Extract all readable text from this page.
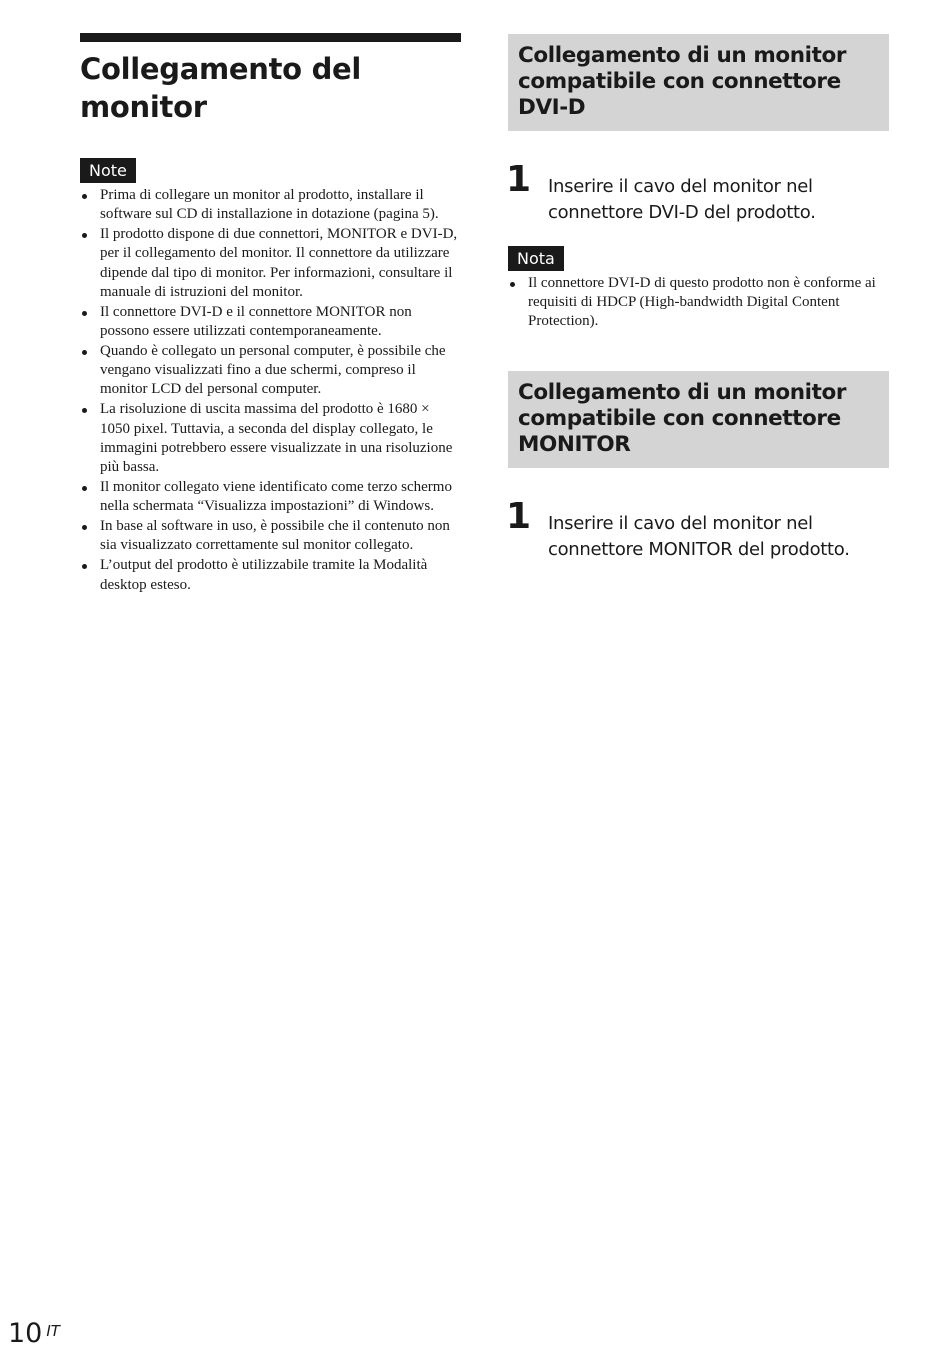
Collegamento del
monitor
Note
Prima di collegare un monitor al prodotto, installare il software sul CD di installazione in dotazione (pagina 5).
Il prodotto dispone di due connettori, MONITOR e DVI-D, per il collegamento del monitor. Il connettore da utilizzare dipende dal tipo di monitor. Per informazioni, consultare il manuale di istruzioni del monitor.
Il connettore DVI-D e il connettore MONITOR non possono essere utilizzati contemporaneamente.
Quando è collegato un personal computer, è possibile che vengano visualizzati fino a due schermi, compreso il monitor LCD del personal computer.
La risoluzione di uscita massima del prodotto è 1680 × 1050 pixel. Tuttavia, a seconda del display collegato, le immagini potrebbero essere visualizzate in una risoluzione più bassa.
Il monitor collegato viene identificato come terzo schermo nella schermata “Visualizza impostazioni” di Windows.
In base al software in uso, è possibile che il contenuto non sia visualizzato correttamente sul monitor collegato.
L’output del prodotto è utilizzabile tramite la Modalità desktop esteso.
Collegamento di un monitor
compatibile con connettore
DVI-D
1 Inserire il cavo del monitor nel
connettore DVI-D del prodotto.
Nota
Il connettore DVI-D di questo prodotto non è conforme ai requisiti di HDCP (High-bandwidth Digital Content Protection).
Collegamento di un monitor
compatibile con connettore
MONITOR
1 Inserire il cavo del monitor nel
connettore MONITOR del prodotto.
10 $^{IT}$
